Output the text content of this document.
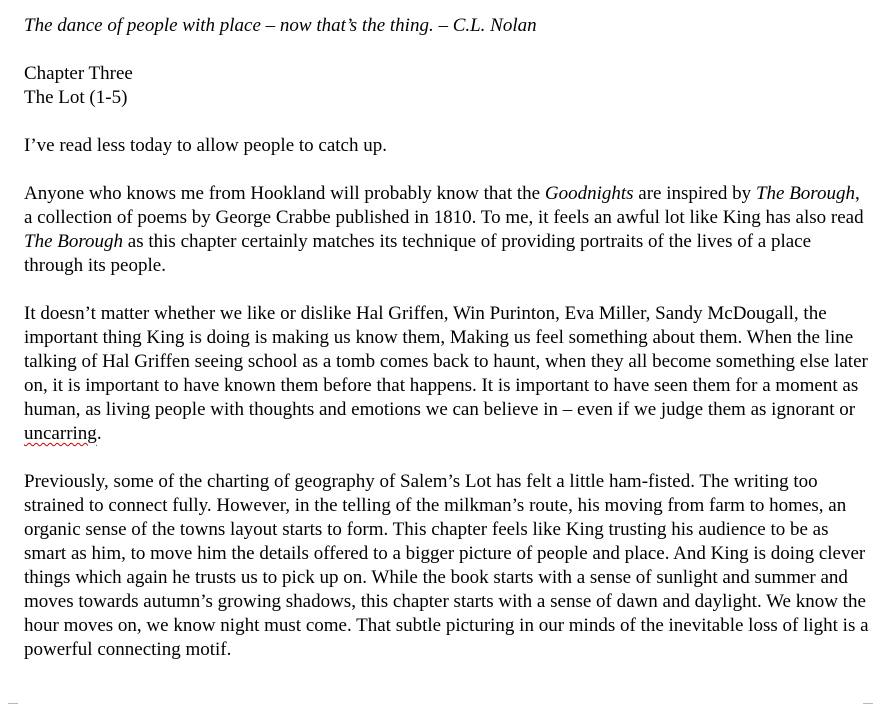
The dance of people with place – now that’s the thing. – C.L. Nolan

Chapter Three
The Lot (1-5)

I’ve read less today to allow people to catch up.

Anyone who knows me from Hookland will probably know that the Goodnights are inspired by The Borough, a collection of poems by George Crabbe published in 1810. To me, it feels an awful lot like King has also read The Borough as this chapter certainly matches its technique of providing portraits of the lives of a place through its people.

It doesn’t matter whether we like or dislike Hal Griffen, Win Purinton, Eva Miller, Sandy McDougall, the important thing King is doing is making us know them, Making us feel something about them. When the line talking of Hal Griffen seeing school as a tomb comes back to haunt, when they all become something else later on, it is important to have known them before that happens. It is important to have seen them for a moment as human, as living people with thoughts and emotions we can believe in – even if we judge them as ignorant or uncarring.

Previously, some of the charting of geography of Salem’s Lot has felt a little ham-fisted. The writing too strained to connect fully. However, in the telling of the milkman’s route, his moving from farm to homes, an organic sense of the towns layout starts to form. This chapter feels like King trusting his audience to be as smart as him, to move him the details offered to a bigger picture of people and place. And King is doing clever things which again he trusts us to pick up on. While the book starts with a sense of sunlight and summer and moves towards autumn’s growing shadows, this chapter starts with a sense of dawn and daylight. We know the hour moves on, we know night must come. That subtle picturing in our minds of the inevitable loss of light is a powerful connecting motif.
